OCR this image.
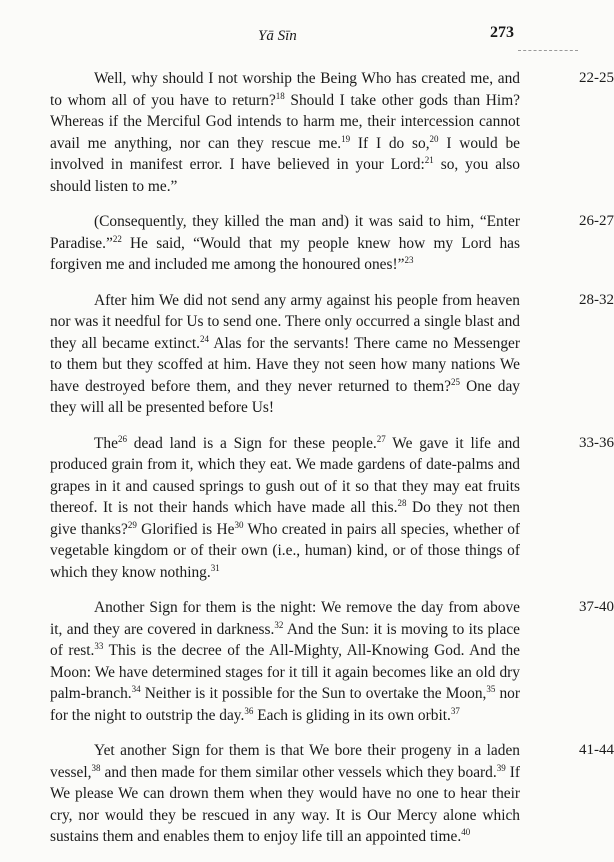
Yā Sīn	273

Well, why should I not worship the Being Who has created me, and to whom all of you have to return?$^{18}$ Should I take other gods than Him? Whereas if the Merciful God intends to harm me, their intercession cannot avail me anything, nor can they rescue me.$^{19}$ If I do so,$^{20}$ I would be involved in manifest error. I have believed in your Lord:$^{21}$ so, you also should listen to me.”
22-25

(Consequently, they killed the man and) it was said to him, “Enter Paradise.”$^{22}$ He said, “Would that my people knew how my Lord has forgiven me and included me among the honoured ones!”$^{23}$
26-27

After him We did not send any army against his people from heaven nor was it needful for Us to send one. There only occurred a single blast and they all became extinct.$^{24}$ Alas for the servants! There came no Messenger to them but they scoffed at him. Have they not seen how many nations We have destroyed before them, and they never returned to them?$^{25}$ One day they will all be presented before Us!
28-32

The$^{26}$ dead land is a Sign for these people.$^{27}$ We gave it life and produced grain from it, which they eat. We made gardens of date-palms and grapes in it and caused springs to gush out of it so that they may eat fruits thereof. It is not their hands which have made all this.$^{28}$ Do they not then give thanks?$^{29}$ Glorified is He$^{30}$ Who created in pairs all species, whether of vegetable kingdom or of their own (i.e., human) kind, or of those things of which they know nothing.$^{31}$
33-36

Another Sign for them is the night: We remove the day from above it, and they are covered in darkness.$^{32}$ And the Sun: it is moving to its place of rest.$^{33}$ This is the decree of the All-Mighty, All-Knowing God. And the Moon: We have determined stages for it till it again becomes like an old dry palm-branch.$^{34}$ Neither is it possible for the Sun to overtake the Moon,$^{35}$ nor for the night to outstrip the day.$^{36}$ Each is gliding in its own orbit.$^{37}$
37-40

Yet another Sign for them is that We bore their progeny in a laden vessel,$^{38}$ and then made for them similar other vessels which they board.$^{39}$ If We please We can drown them when they would have no one to hear their cry, nor would they be rescued in any way. It is Our Mercy alone which sustains them and enables them to enjoy life till an appointed time.$^{40}$
41-44
